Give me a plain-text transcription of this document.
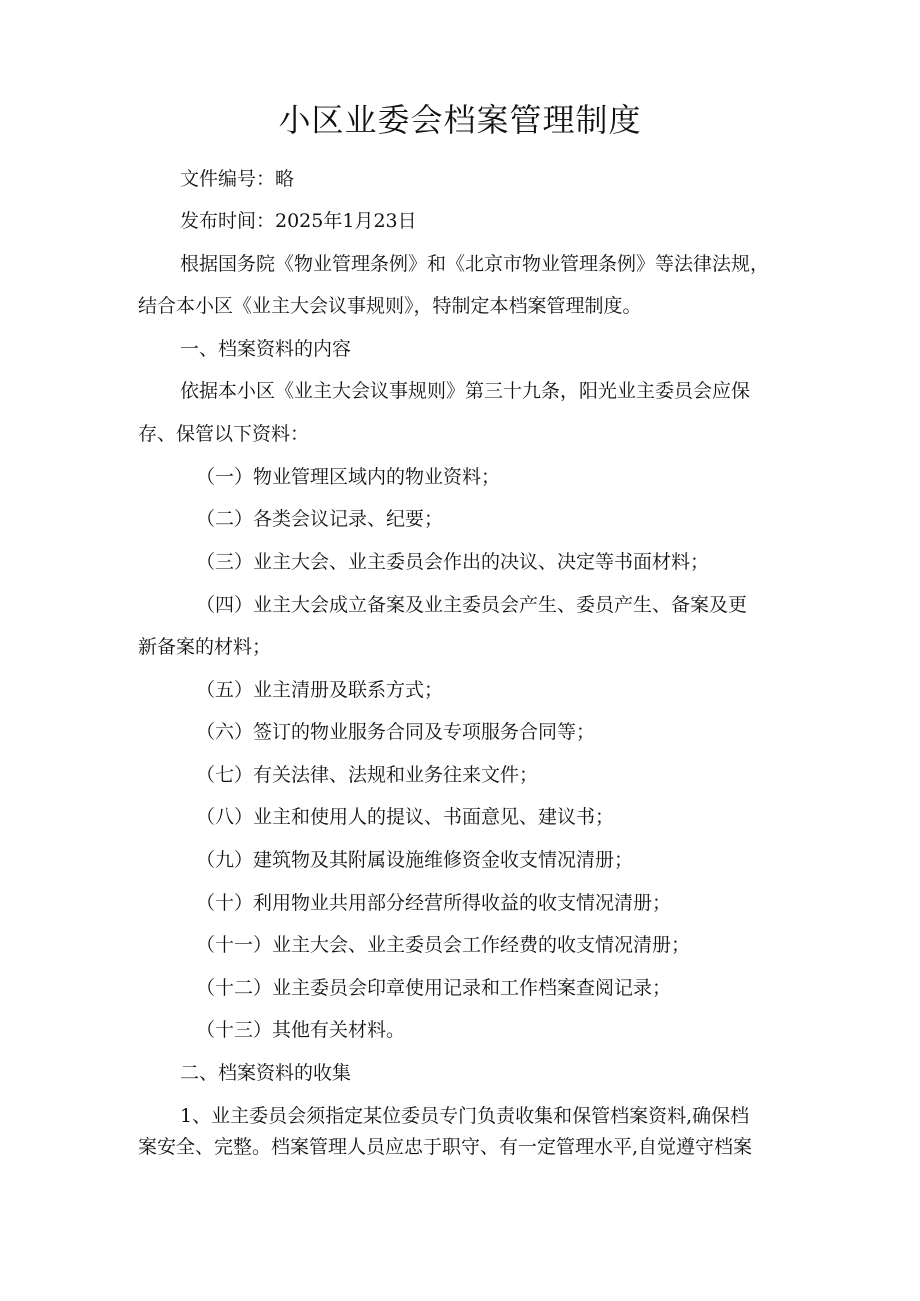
小区业委会档案管理制度
文件编号：略
发布时间：2025年1月23日
根据国务院《物业管理条例》和《北京市物业管理条例》等法律法规，
结合本小区《业主大会议事规则》，特制定本档案管理制度。
一、档案资料的内容
依据本小区《业主大会议事规则》第三十九条，阳光业主委员会应保
存、保管以下资料：
（一）物业管理区域内的物业资料；
（二）各类会议记录、纪要；
（三）业主大会、业主委员会作出的决议、决定等书面材料；
（四）业主大会成立备案及业主委员会产生、委员产生、备案及更
新备案的材料；
（五）业主清册及联系方式；
（六）签订的物业服务合同及专项服务合同等；
（七）有关法律、法规和业务往来文件；
（八）业主和使用人的提议、书面意见、建议书；
（九）建筑物及其附属设施维修资金收支情况清册；
（十）利用物业共用部分经营所得收益的收支情况清册；
（十一）业主大会、业主委员会工作经费的收支情况清册；
（十二）业主委员会印章使用记录和工作档案查阅记录；
（十三）其他有关材料。
二、档案资料的收集
1、业主委员会须指定某位委员专门负责收集和保管档案资料,确保档
案安全、完整。档案管理人员应忠于职守、有一定管理水平,自觉遵守档案
